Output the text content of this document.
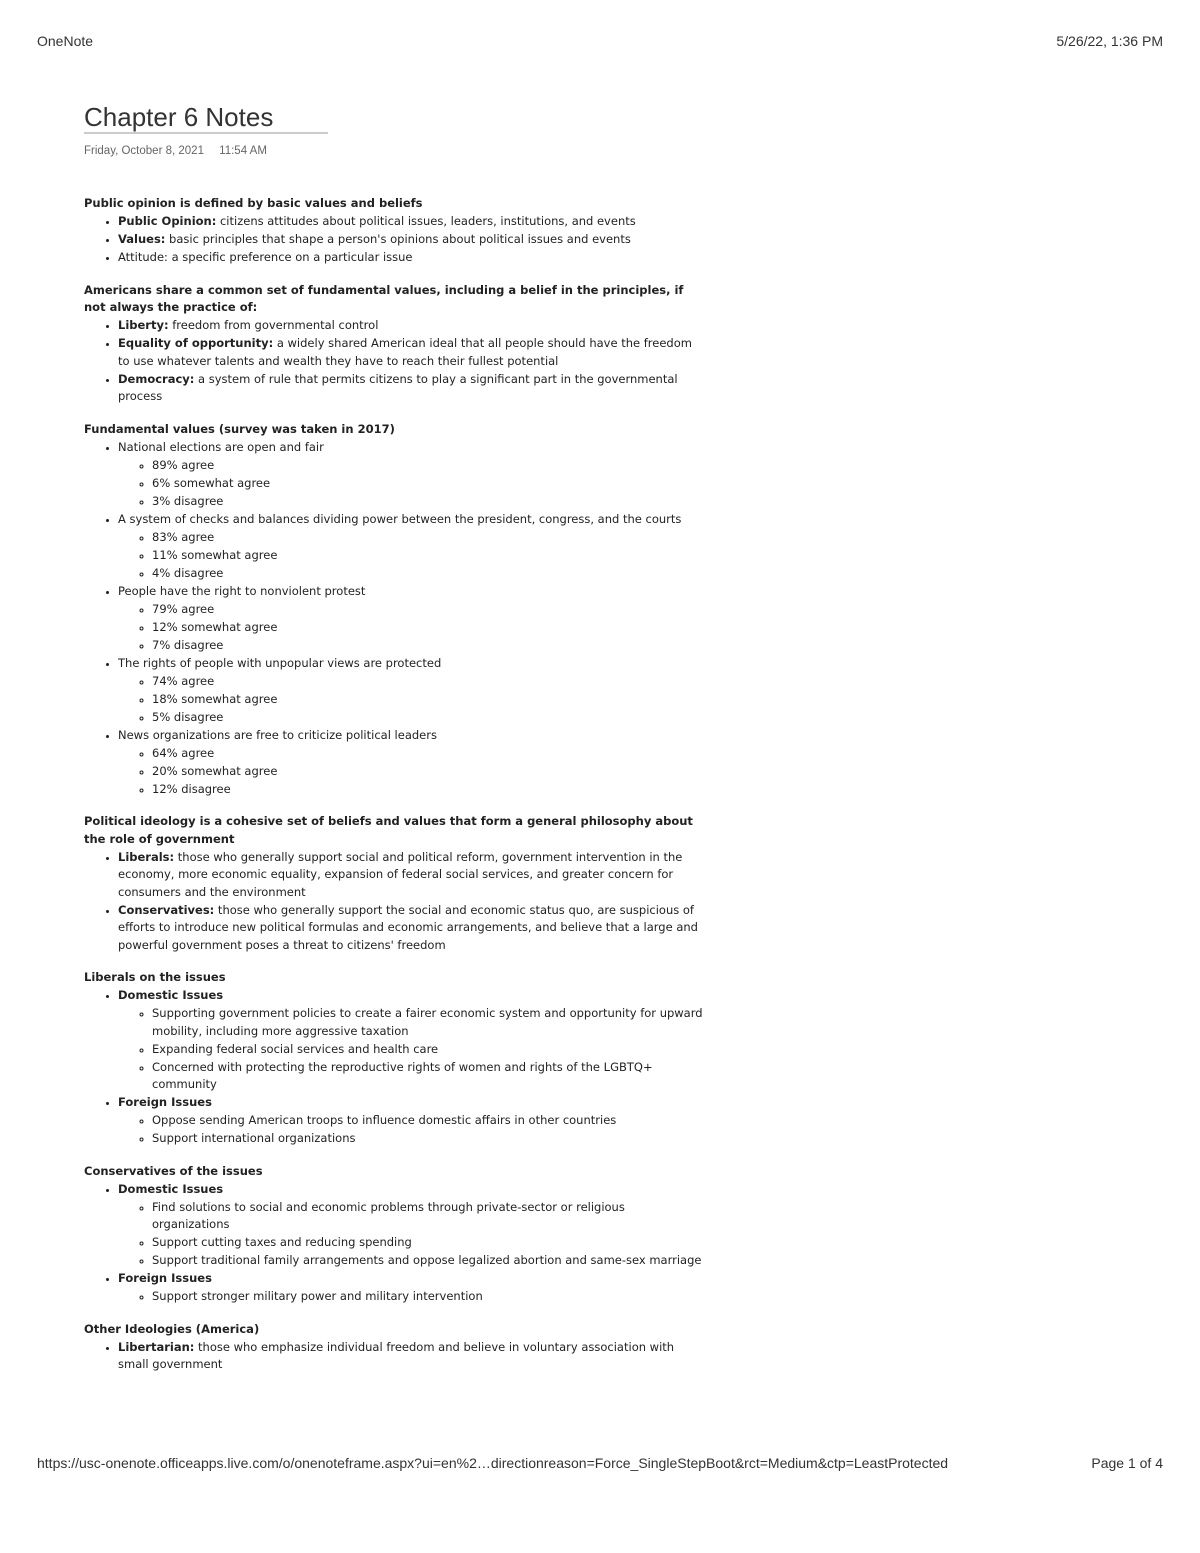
OneNote	5/26/22, 1:36 PM
Chapter 6 Notes
Friday, October 8, 2021 11:54 AM

Public opinion is defined by basic values and beliefs

• Public Opinion: citizens attitudes about political issues, leaders, institutions, and events
• Values: basic principles that shape a person's opinions about political issues and events
• Attitude: a specific preference on a particular issue

Americans share a common set of fundamental values, including a belief in the principles, if not always the practice of:

• Liberty: freedom from governmental control
• Equality of opportunity: a widely shared American ideal that all people should have the freedom to use whatever talents and wealth they have to reach their fullest potential
• Democracy: a system of rule that permits citizens to play a significant part in the governmental process

Fundamental values (survey was taken in 2017)

• National elections are open and fair
◦ 89% agree
◦ 6% somewhat agree
◦ 3% disagree
• A system of checks and balances dividing power between the president, congress, and the courts
◦ 83% agree
◦ 11% somewhat agree
◦ 4% disagree
• People have the right to nonviolent protest
◦ 79% agree
◦ 12% somewhat agree
◦ 7% disagree
• The rights of people with unpopular views are protected
◦ 74% agree
◦ 18% somewhat agree
◦ 5% disagree
• News organizations are free to criticize political leaders
◦ 64% agree
◦ 20% somewhat agree
◦ 12% disagree

Political ideology is a cohesive set of beliefs and values that form a general philosophy about the role of government

• Liberals: those who generally support social and political reform, government intervention in the economy, more economic equality, expansion of federal social services, and greater concern for consumers and the environment
• Conservatives: those who generally support the social and economic status quo, are suspicious of efforts to introduce new political formulas and economic arrangements, and believe that a large and powerful government poses a threat to citizens' freedom

Liberals on the issues

• Domestic Issues
◦ Supporting government policies to create a fairer economic system and opportunity for upward mobility, including more aggressive taxation
◦ Expanding federal social services and health care
◦ Concerned with protecting the reproductive rights of women and rights of the LGBTQ+ community
• Foreign Issues
◦ Oppose sending American troops to influence domestic affairs in other countries
◦ Support international organizations

Conservatives of the issues

• Domestic Issues
◦ Find solutions to social and economic problems through private-sector or religious organizations
◦ Support cutting taxes and reducing spending
◦ Support traditional family arrangements and oppose legalized abortion and same-sex marriage
• Foreign Issues
◦ Support stronger military power and military intervention

Other Ideologies (America)

• Libertarian: those who emphasize individual freedom and believe in voluntary association with small government
https://usc-onenote.officeapps.live.com/o/onenoteframe.aspx?ui=en%2…directionreason=Force_SingleStepBoot&rct=Medium&ctp=LeastProtected	Page 1 of 4
